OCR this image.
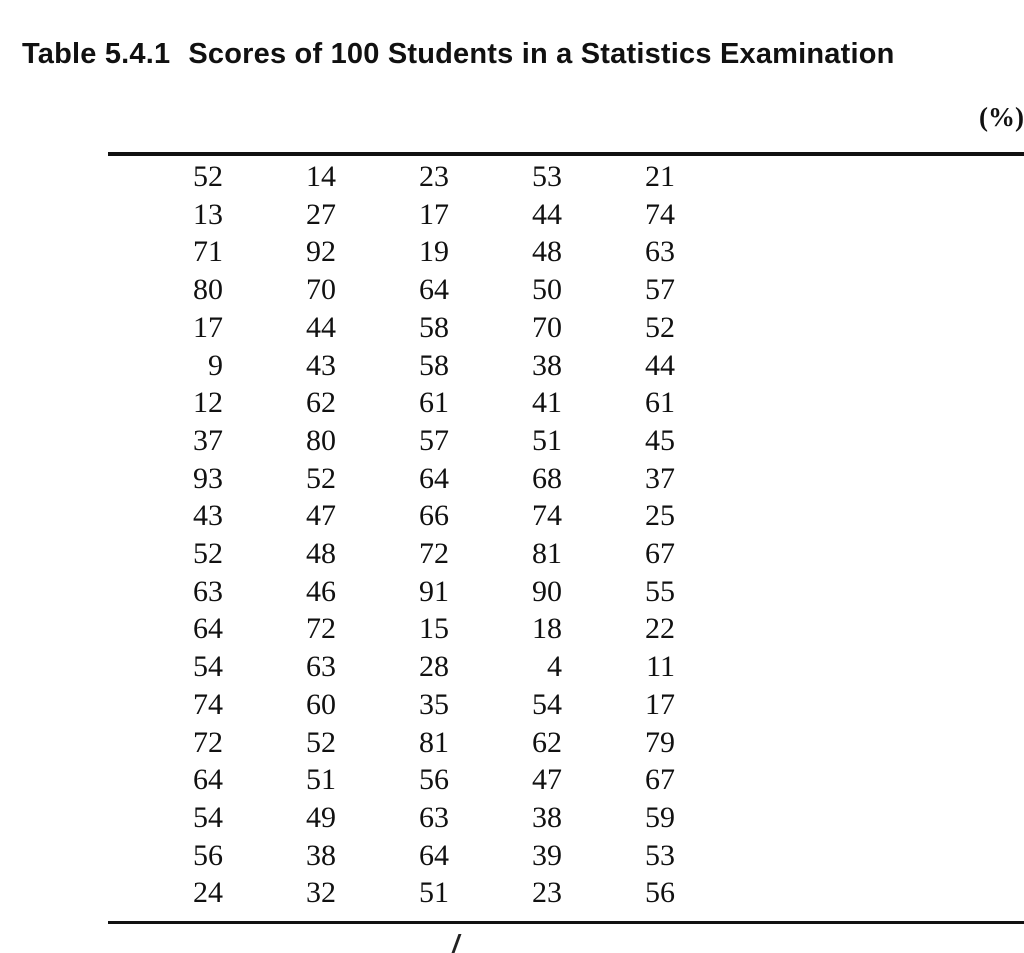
Table 5.4.1 Scores of 100 Students in a Statistics Examination
(%)
52	14	23	53	21
13	27	17	44	74
71	92	19	48	63
80	70	64	50	57
17	44	58	70	52
9	43	58	38	44
12	62	61	41	61
37	80	57	51	45
93	52	64	68	37
43	47	66	74	25
52	48	72	81	67
63	46	91	90	55
64	72	15	18	22
54	63	28	4	11
74	60	35	54	17
72	52	81	62	79
64	51	56	47	67
54	49	63	38	59
56	38	64	39	53
24	32	51	23	56
